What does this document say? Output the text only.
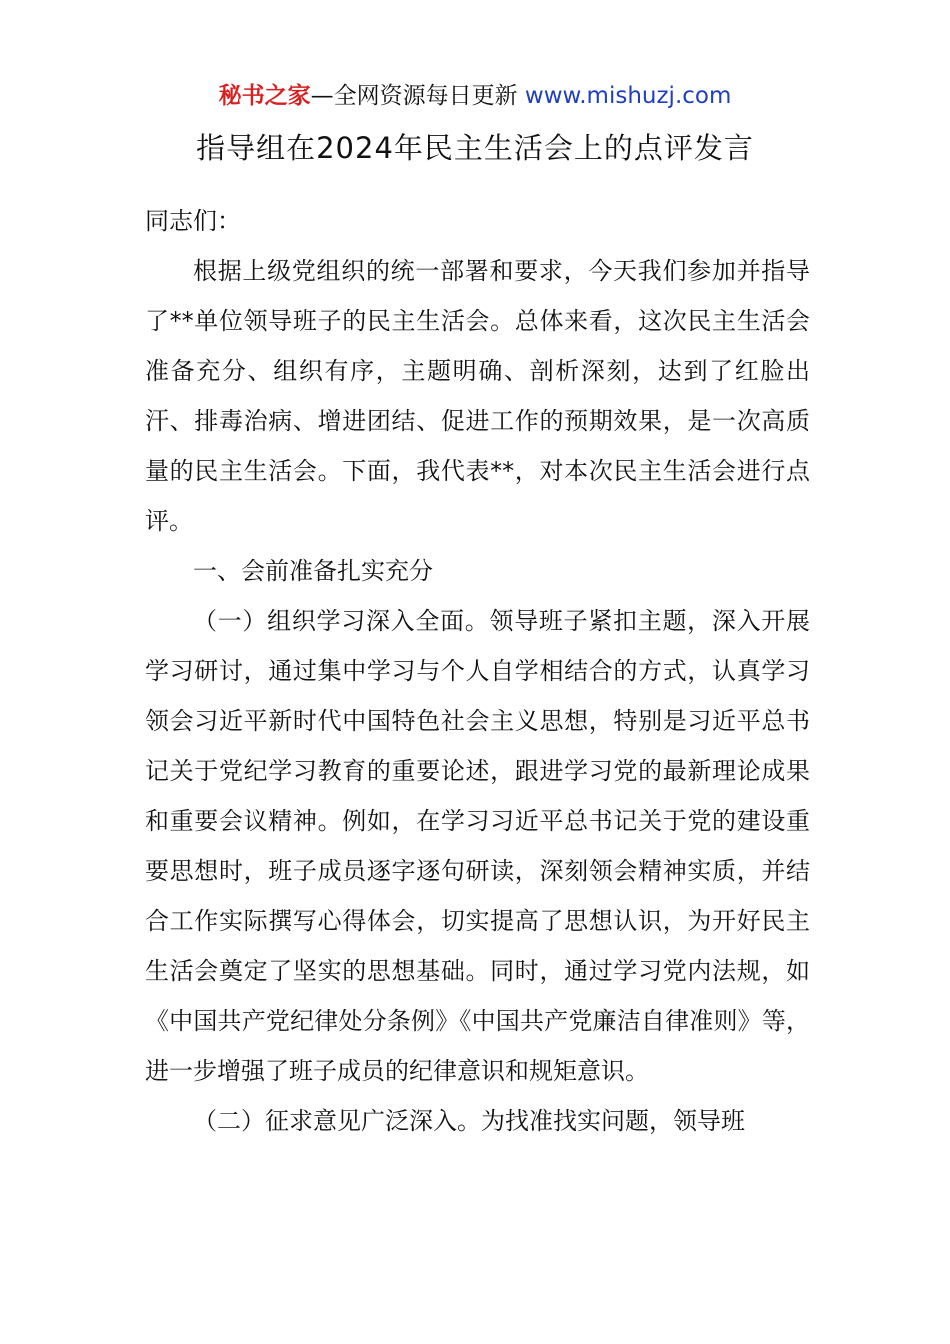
秘书之家—全网资源每日更新 www.mishuzj.com
指导组在2024年民主生活会上的点评发言

同志们：

根据上级党组织的统一部署和要求，今天我们参加并指导了**单位领导班子的民主生活会。总体来看，这次民主生活会准备充分、组织有序，主题明确、剖析深刻，达到了红脸出汗、排毒治病、增进团结、促进工作的预期效果，是一次高质量的民主生活会。下面，我代表**，对本次民主生活会进行点评。

一、会前准备扎实充分

（一）组织学习深入全面。领导班子紧扣主题，深入开展学习研讨，通过集中学习与个人自学相结合的方式，认真学习领会习近平新时代中国特色社会主义思想，特别是习近平总书记关于党纪学习教育的重要论述，跟进学习党的最新理论成果和重要会议精神。例如，在学习习近平总书记关于党的建设重要思想时，班子成员逐字逐句研读，深刻领会精神实质，并结合工作实际撰写心得体会，切实提高了思想认识，为开好民主生活会奠定了坚实的思想基础。同时，通过学习党内法规，如《中国共产党纪律处分条例》《中国共产党廉洁自律准则》等，进一步增强了班子成员的纪律意识和规矩意识。

（二）征求意见广泛深入。为找准找实问题，领导班
